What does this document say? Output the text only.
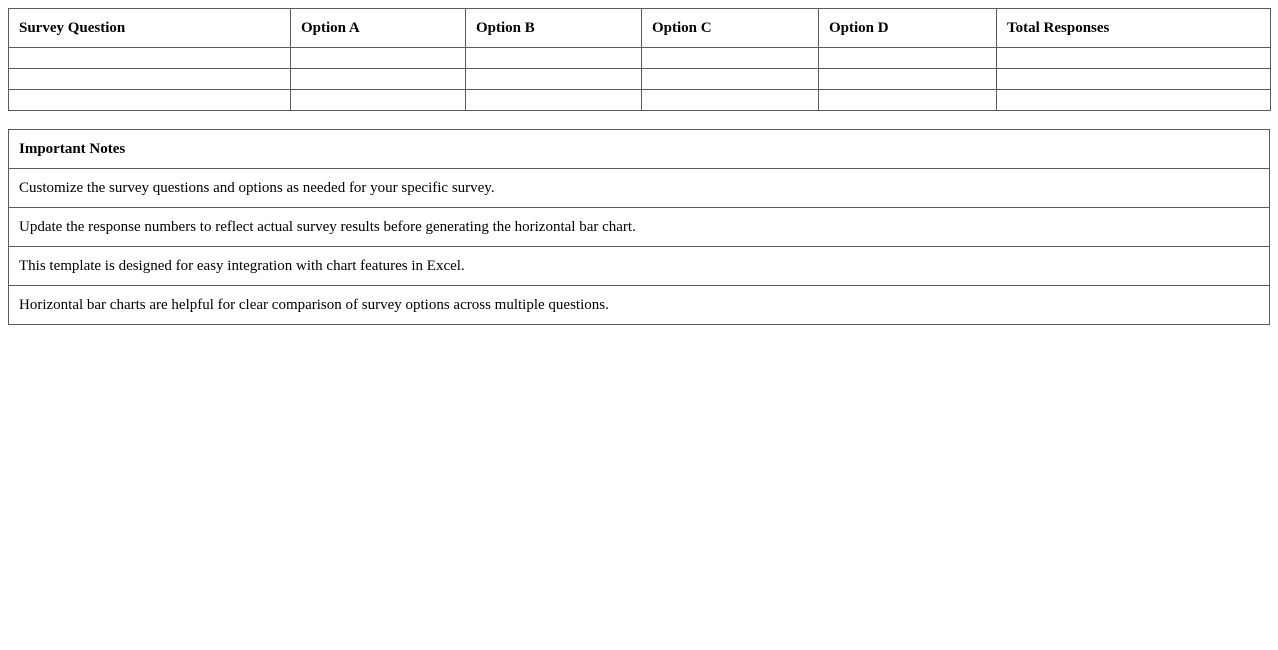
Survey Question	Option A	Option B	Option C	Option D	Total Responses

Important Notes
Customize the survey questions and options as needed for your specific survey.
Update the response numbers to reflect actual survey results before generating the horizontal bar chart.
This template is designed for easy integration with chart features in Excel.
Horizontal bar charts are helpful for clear comparison of survey options across multiple questions.
